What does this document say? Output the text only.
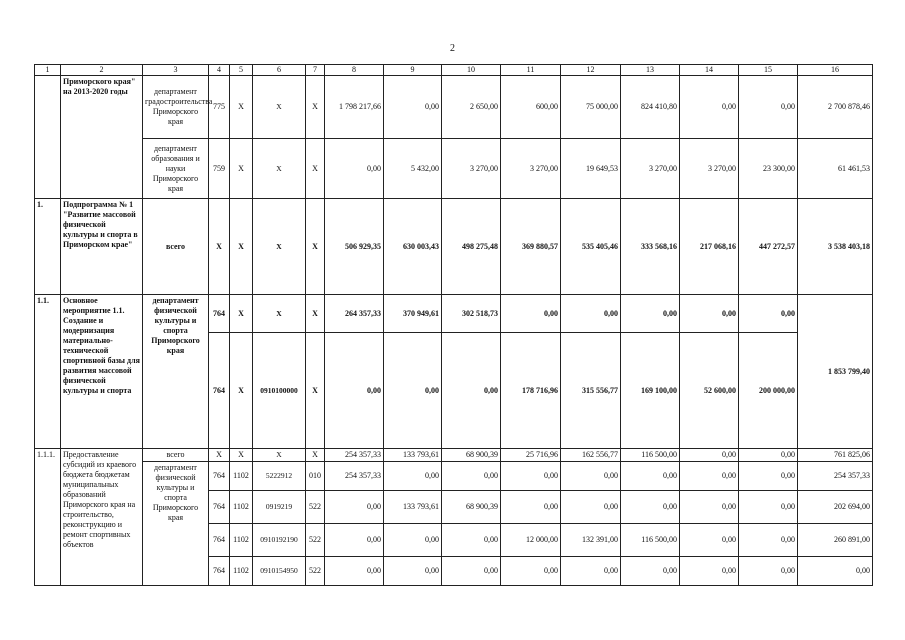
2
1	2	3	4	5	6	7	8	9	10	11	12	13	14	15	16
	Приморского края" на 2013-2020 годы	департамент градостроительства Приморского края	775	Х	Х	Х	1 798 217,66	0,00	2 650,00	600,00	75 000,00	824 410,80	0,00	0,00	2 700 878,46
		департамент образования и науки Приморского края	759	Х	Х	Х	0,00	5 432,00	3 270,00	3 270,00	19 649,53	3 270,00	3 270,00	23 300,00	61 461,53
1.	Подпрограмма № 1 "Развитие массовой физической культуры и спорта в Приморском крае"	всего	Х	Х	Х	Х	506 929,35	630 003,43	498 275,48	369 880,57	535 405,46	333 568,16	217 068,16	447 272,57	3 538 403,18
1.1.	Основное мероприятие 1.1. Создание и модернизация материально-технической спортивной базы для развития массовой физической культуры и спорта	департамент физической культуры и спорта Приморского края	764	Х	Х	Х	264 357,33	370 949,61	302 518,73	0,00	0,00	0,00	0,00	0,00	1 853 799,40
			764	Х	0910100000	Х	0,00	0,00	0,00	178 716,96	315 556,77	169 100,00	52 600,00	200 000,00	
1.1.1.	Предоставление субсидий из краевого бюджета бюджетам муниципальных образований Приморского края на строительство, реконструкцию и ремонт спортивных объектов	всего	Х	Х	Х	Х	254 357,33	133 793,61	68 900,39	25 716,96	162 556,77	116 500,00	0,00	0,00	761 825,06
		департамент физической культуры и спорта Приморского края	764	1102	5222912	010	254 357,33	0,00	0,00	0,00	0,00	0,00	0,00	0,00	254 357,33
			764	1102	0919219	522	0,00	133 793,61	68 900,39	0,00	0,00	0,00	0,00	0,00	202 694,00
			764	1102	0910192190	522	0,00	0,00	0,00	12 000,00	132 391,00	116 500,00	0,00	0,00	260 891,00
			764	1102	0910154950	522	0,00	0,00	0,00	0,00	0,00	0,00	0,00	0,00	0,00
